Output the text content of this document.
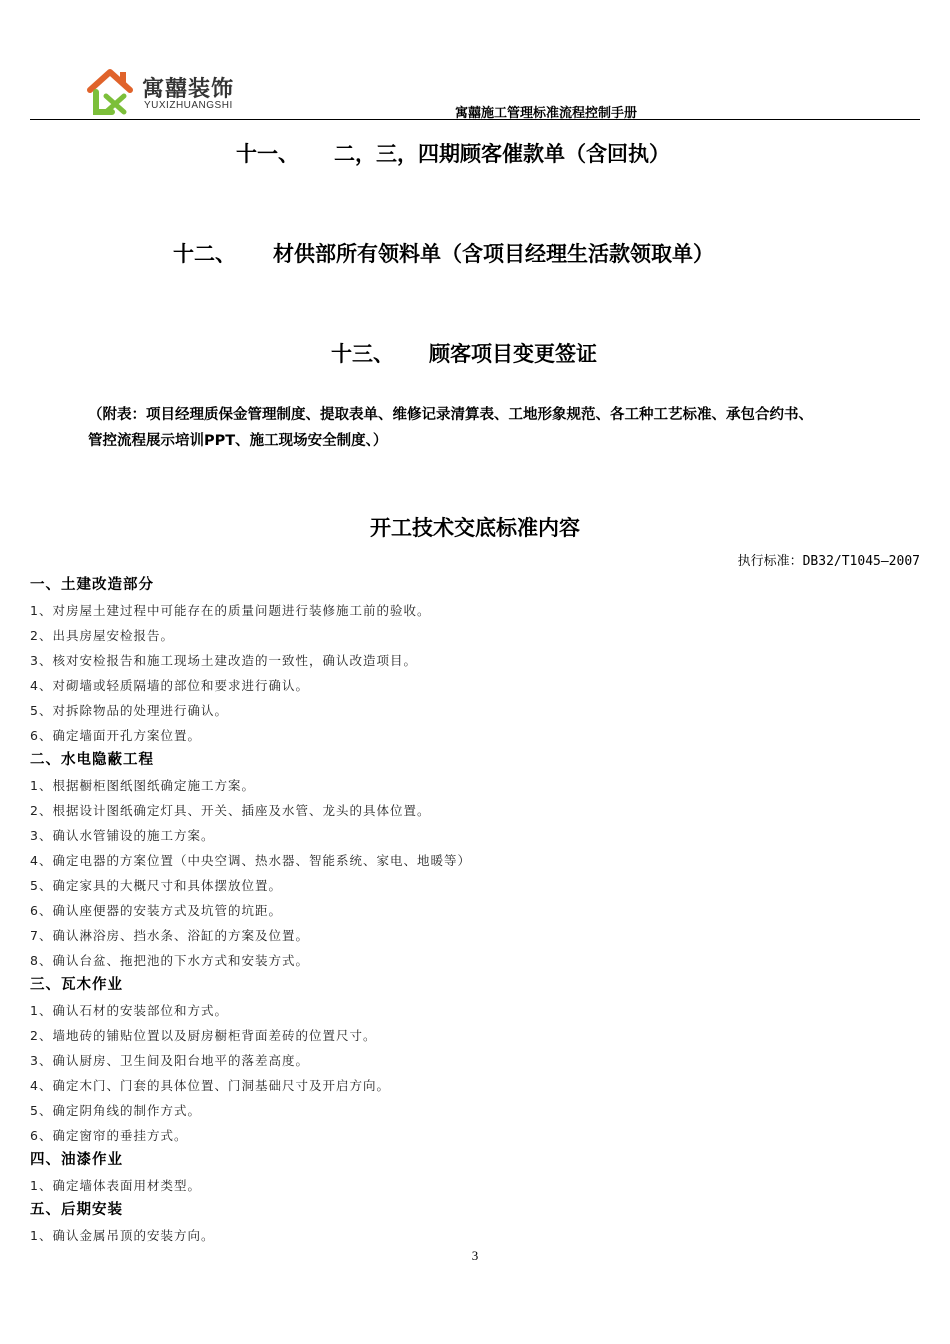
寓囍装饰
YUXIZHUANGSHI
寓囍施工管理标准流程控制手册
十一、 二，三，四期顾客催款单（含回执）
十二、 材供部所有领料单（含项目经理生活款领取单）
十三、 顾客项目变更签证
（附表：项目经理质保金管理制度、提取表单、维修记录清算表、工地形象规范、各工种工艺标准、承包合约书、
管控流程展示培训PPT、施工现场安全制度、）
开工技术交底标准内容
执行标准：DB32/T1045—2007
一、土建改造部分
1、对房屋土建过程中可能存在的质量问题进行装修施工前的验收。
2、出具房屋安检报告。
3、核对安检报告和施工现场土建改造的一致性，确认改造项目。
4、对砌墙或轻质隔墙的部位和要求进行确认。
5、对拆除物品的处理进行确认。
6、确定墙面开孔方案位置。
二、水电隐蔽工程
1、根据橱柜图纸图纸确定施工方案。
2、根据设计图纸确定灯具、开关、插座及水管、龙头的具体位置。
3、确认水管铺设的施工方案。
4、确定电器的方案位置（中央空调、热水器、智能系统、家电、地暖等）
5、确定家具的大概尺寸和具体摆放位置。
6、确认座便器的安装方式及坑管的坑距。
7、确认淋浴房、挡水条、浴缸的方案及位置。
8、确认台盆、拖把池的下水方式和安装方式。
三、瓦木作业
1、确认石材的安装部位和方式。
2、墙地砖的铺贴位置以及厨房橱柜背面差砖的位置尺寸。
3、确认厨房、卫生间及阳台地平的落差高度。
4、确定木门、门套的具体位置、门洞基础尺寸及开启方向。
5、确定阴角线的制作方式。
6、确定窗帘的垂挂方式。
四、油漆作业
1、确定墙体表面用材类型。
五、后期安装
1、确认金属吊顶的安装方向。
3
